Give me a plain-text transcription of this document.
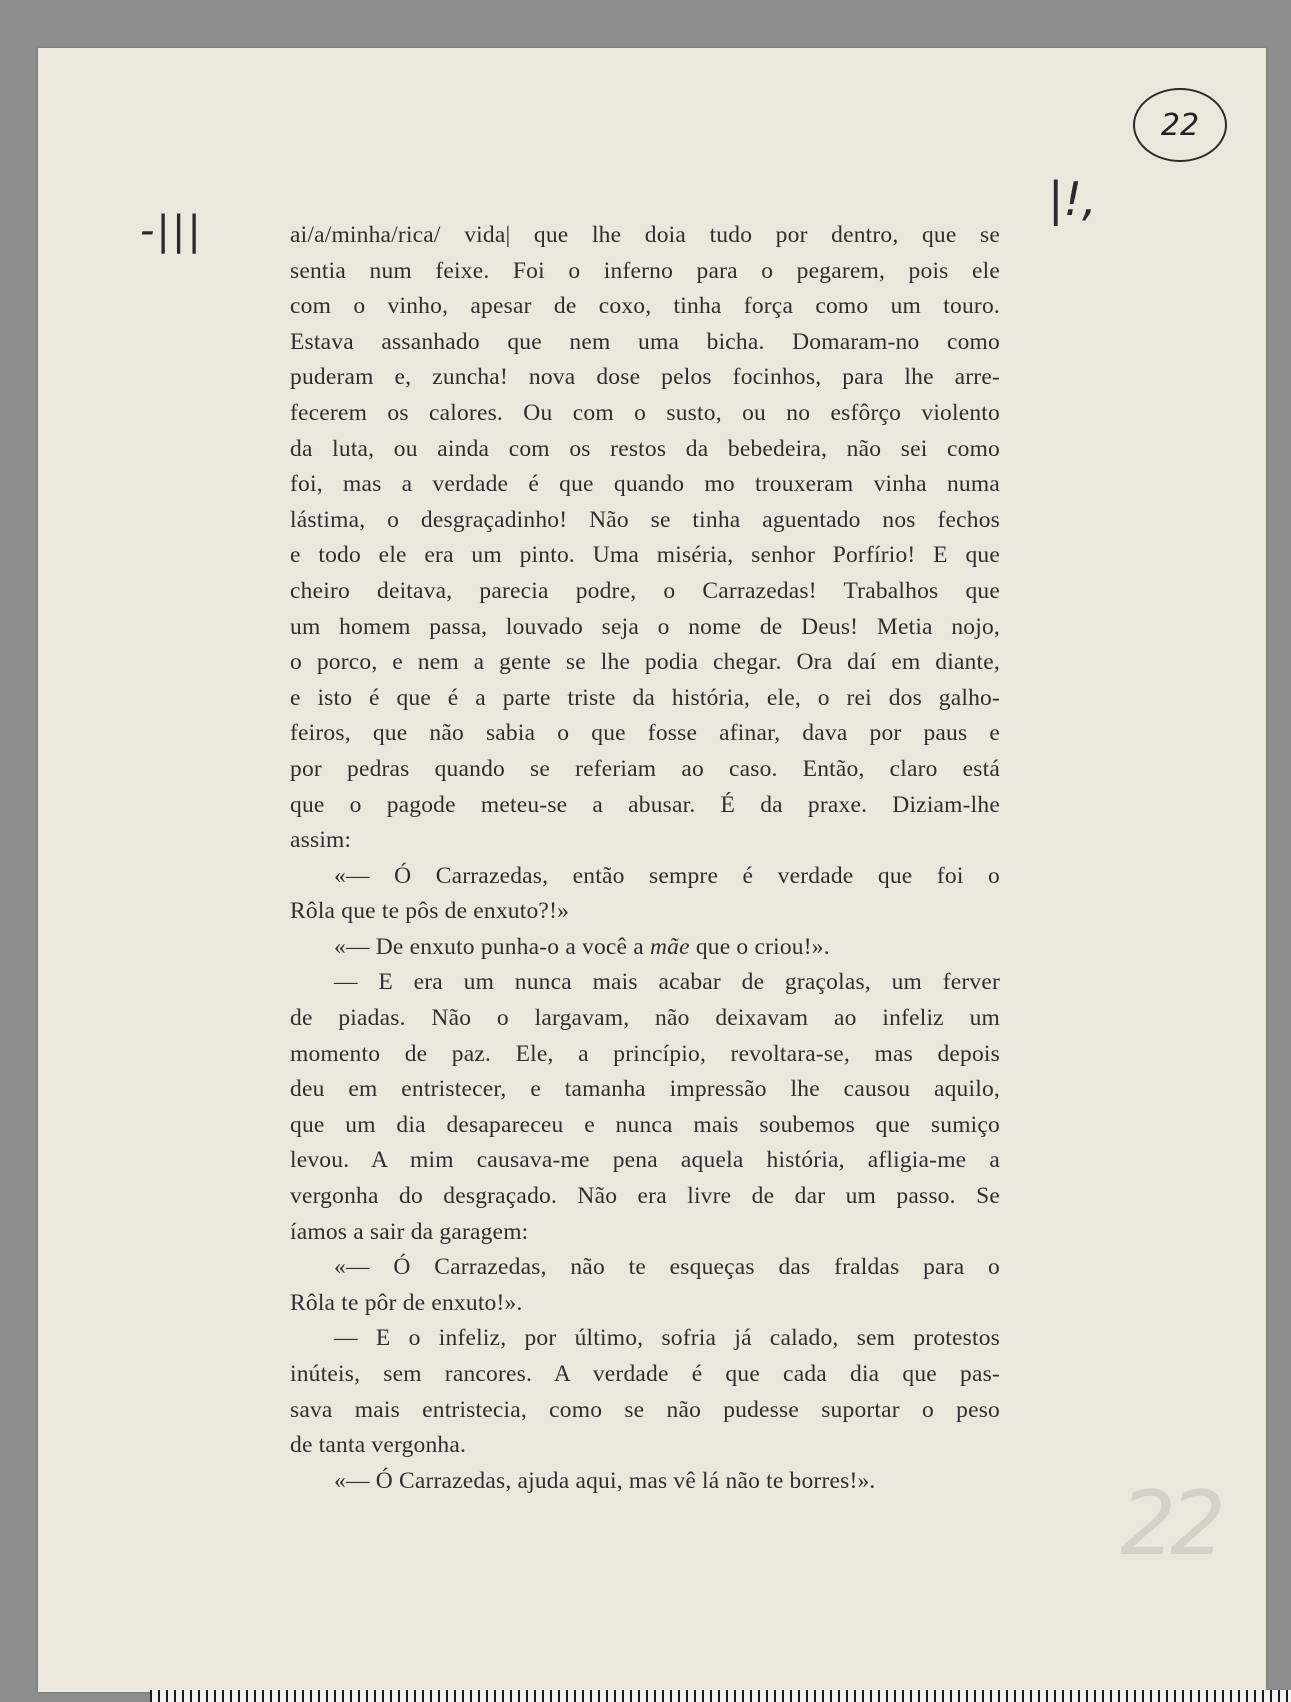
-|||
|!,
22
22
ai/a/minha/rica/ vida| que lhe doia tudo por dentro, que se
sentia num feixe. Foi o inferno para o pegarem, pois ele
com o vinho, apesar de coxo, tinha força como um touro.
Estava assanhado que nem uma bicha. Domaram-no como
puderam e, zuncha! nova dose pelos focinhos, para lhe arre-
fecerem os calores. Ou com o susto, ou no esfôrço violento
da luta, ou ainda com os restos da bebedeira, não sei como
foi, mas a verdade é que quando mo trouxeram vinha numa
lástima, o desgraçadinho! Não se tinha aguentado nos fechos
e todo ele era um pinto. Uma miséria, senhor Porfírio! E que
cheiro deitava, parecia podre, o Carrazedas! Trabalhos que
um homem passa, louvado seja o nome de Deus! Metia nojo,
o porco, e nem a gente se lhe podia chegar. Ora daí em diante,
e isto é que é a parte triste da história, ele, o rei dos galho-
feiros, que não sabia o que fosse afinar, dava por paus e
por pedras quando se referiam ao caso. Então, claro está
que o pagode meteu-se a abusar. É da praxe. Diziam-lhe
assim:
«— Ó Carrazedas, então sempre é verdade que foi o
Rôla que te pôs de enxuto?!»
«— De enxuto punha-o a você a mãe que o criou!».
— E era um nunca mais acabar de graçolas, um ferver
de piadas. Não o largavam, não deixavam ao infeliz um
momento de paz. Ele, a princípio, revoltara-se, mas depois
deu em entristecer, e tamanha impressão lhe causou aquilo,
que um dia desapareceu e nunca mais soubemos que sumiço
levou. A mim causava-me pena aquela história, afligia-me a
vergonha do desgraçado. Não era livre de dar um passo. Se
íamos a sair da garagem:
«— Ó Carrazedas, não te esqueças das fraldas para o
Rôla te pôr de enxuto!».
— E o infeliz, por último, sofria já calado, sem protestos
inúteis, sem rancores. A verdade é que cada dia que pas-
sava mais entristecia, como se não pudesse suportar o peso
de tanta vergonha.
«— Ó Carrazedas, ajuda aqui, mas vê lá não te borres!».
